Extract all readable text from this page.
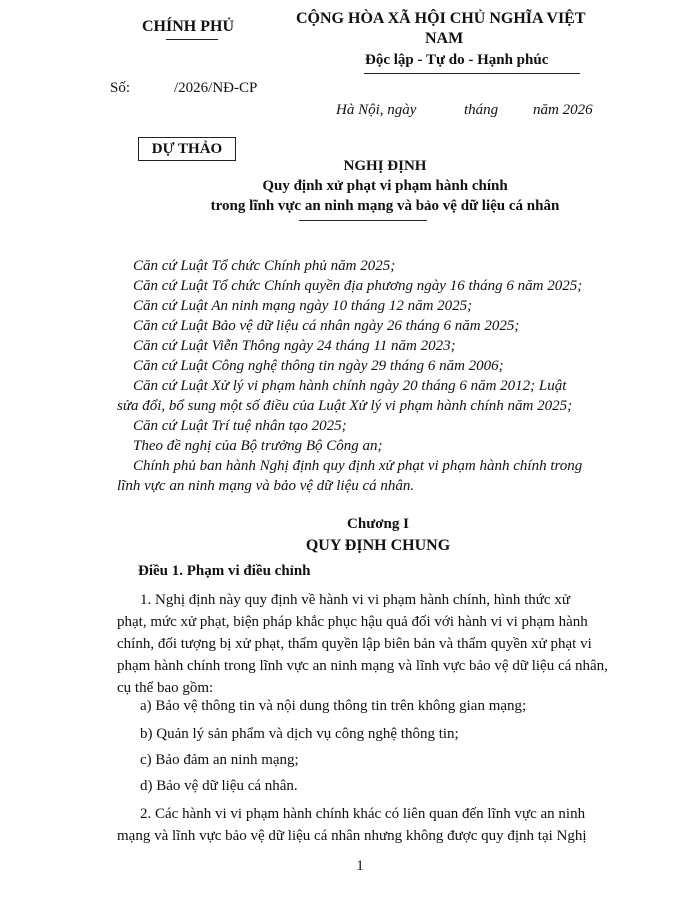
CHÍNH PHỦ	CỘNG HÒA XÃ HỘI CHỦ NGHĨA VIỆT
NAM
Độc lập - Tự do - Hạnh phúc
Số:	/2026/NĐ-CP
Hà Nội, ngày	tháng năm 2026
DỰ THẢO
NGHỊ ĐỊNH
Quy định xử phạt vi phạm hành chính
trong lĩnh vực an ninh mạng và bảo vệ dữ liệu cá nhân
Căn cứ Luật Tổ chức Chính phủ năm 2025;
Căn cứ Luật Tổ chức Chính quyền địa phương ngày 16 tháng 6 năm 2025;
Căn cứ Luật An ninh mạng ngày 10 tháng 12 năm 2025;
Căn cứ Luật Bảo vệ dữ liệu cá nhân ngày 26 tháng 6 năm 2025;
Căn cứ Luật Viễn Thông ngày 24 tháng 11 năm 2023;
Căn cứ Luật Công nghệ thông tin ngày 29 tháng 6 năm 2006;
Căn cứ Luật Xử lý vi phạm hành chính ngày 20 tháng 6 năm 2012; Luật
sửa đổi, bổ sung một số điều của Luật Xử lý vi phạm hành chính năm 2025;
Căn cứ Luật Trí tuệ nhân tạo 2025;
Theo đề nghị của Bộ trưởng Bộ Công an;
Chính phủ ban hành Nghị định quy định xử phạt vi phạm hành chính trong
lĩnh vực an ninh mạng và bảo vệ dữ liệu cá nhân.
Chương I
QUY ĐỊNH CHUNG
Điều 1. Phạm vi điều chỉnh
1. Nghị định này quy định về hành vi vi phạm hành chính, hình thức xử
phạt, mức xử phạt, biện pháp khắc phục hậu quả đối với hành vi vi phạm hành
chính, đối tượng bị xử phạt, thẩm quyền lập biên bản và thẩm quyền xử phạt vi
phạm hành chính trong lĩnh vực an ninh mạng và lĩnh vực bảo vệ dữ liệu cá nhân,
cụ thể bao gồm:
a) Bảo vệ thông tin và nội dung thông tin trên không gian mạng;
b) Quản lý sản phẩm và dịch vụ công nghệ thông tin;
c) Bảo đảm an ninh mạng;
d) Bảo vệ dữ liệu cá nhân.
2. Các hành vi vi phạm hành chính khác có liên quan đến lĩnh vực an ninh
mạng và lĩnh vực bảo vệ dữ liệu cá nhân nhưng không được quy định tại Nghị
1
